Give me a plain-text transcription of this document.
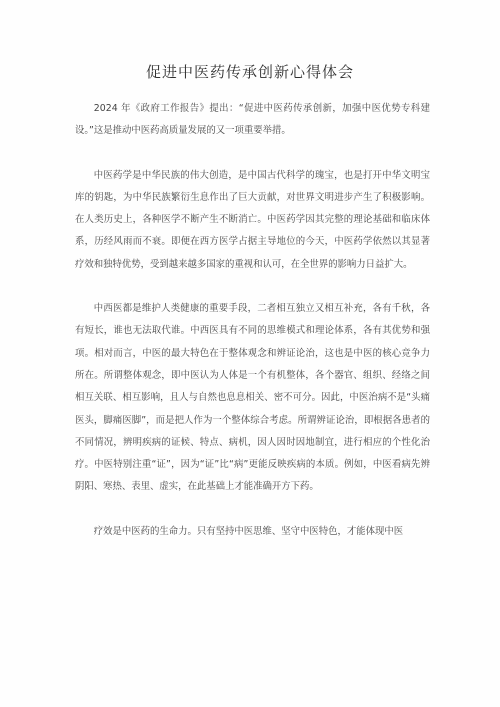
促进中医药传承创新心得体会

2024 年《政府工作报告》提出：“促进中医药传承创新，加强中医优势专科建设。”这是推动中医药高质量发展的又一项重要举措。

中医药学是中华民族的伟大创造，是中国古代科学的瑰宝，也是打开中华文明宝库的钥匙，为中华民族繁衍生息作出了巨大贡献，对世界文明进步产生了积极影响。在人类历史上，各种医学不断产生不断消亡。中医药学因其完整的理论基础和临床体系，历经风雨而不衰。即便在西方医学占据主导地位的今天，中医药学依然以其显著疗效和独特优势，受到越来越多国家的重视和认可，在全世界的影响力日益扩大。

中西医都是维护人类健康的重要手段，二者相互独立又相互补充，各有千秋，各有短长，谁也无法取代谁。中西医具有不同的思维模式和理论体系，各有其优势和强项。相对而言，中医的最大特色在于整体观念和辨证论治，这也是中医的核心竞争力所在。所谓整体观念，即中医认为人体是一个有机整体，各个器官、组织、经络之间相互关联、相互影响，且人与自然也息息相关、密不可分。因此，中医治病不是“头痛医头，脚痛医脚”，而是把人作为一个整体综合考虑。所谓辨证论治，即根据各患者的不同情况，辨明疾病的证候、特点、病机，因人因时因地制宜，进行相应的个性化治疗。中医特别注重“证”，因为“证”比“病”更能反映疾病的本质。例如，中医看病先辨阴阳、寒热、表里、虚实，在此基础上才能准确开方下药。

疗效是中医药的生命力。只有坚持中医思维、坚守中医特色，才能体现中医
